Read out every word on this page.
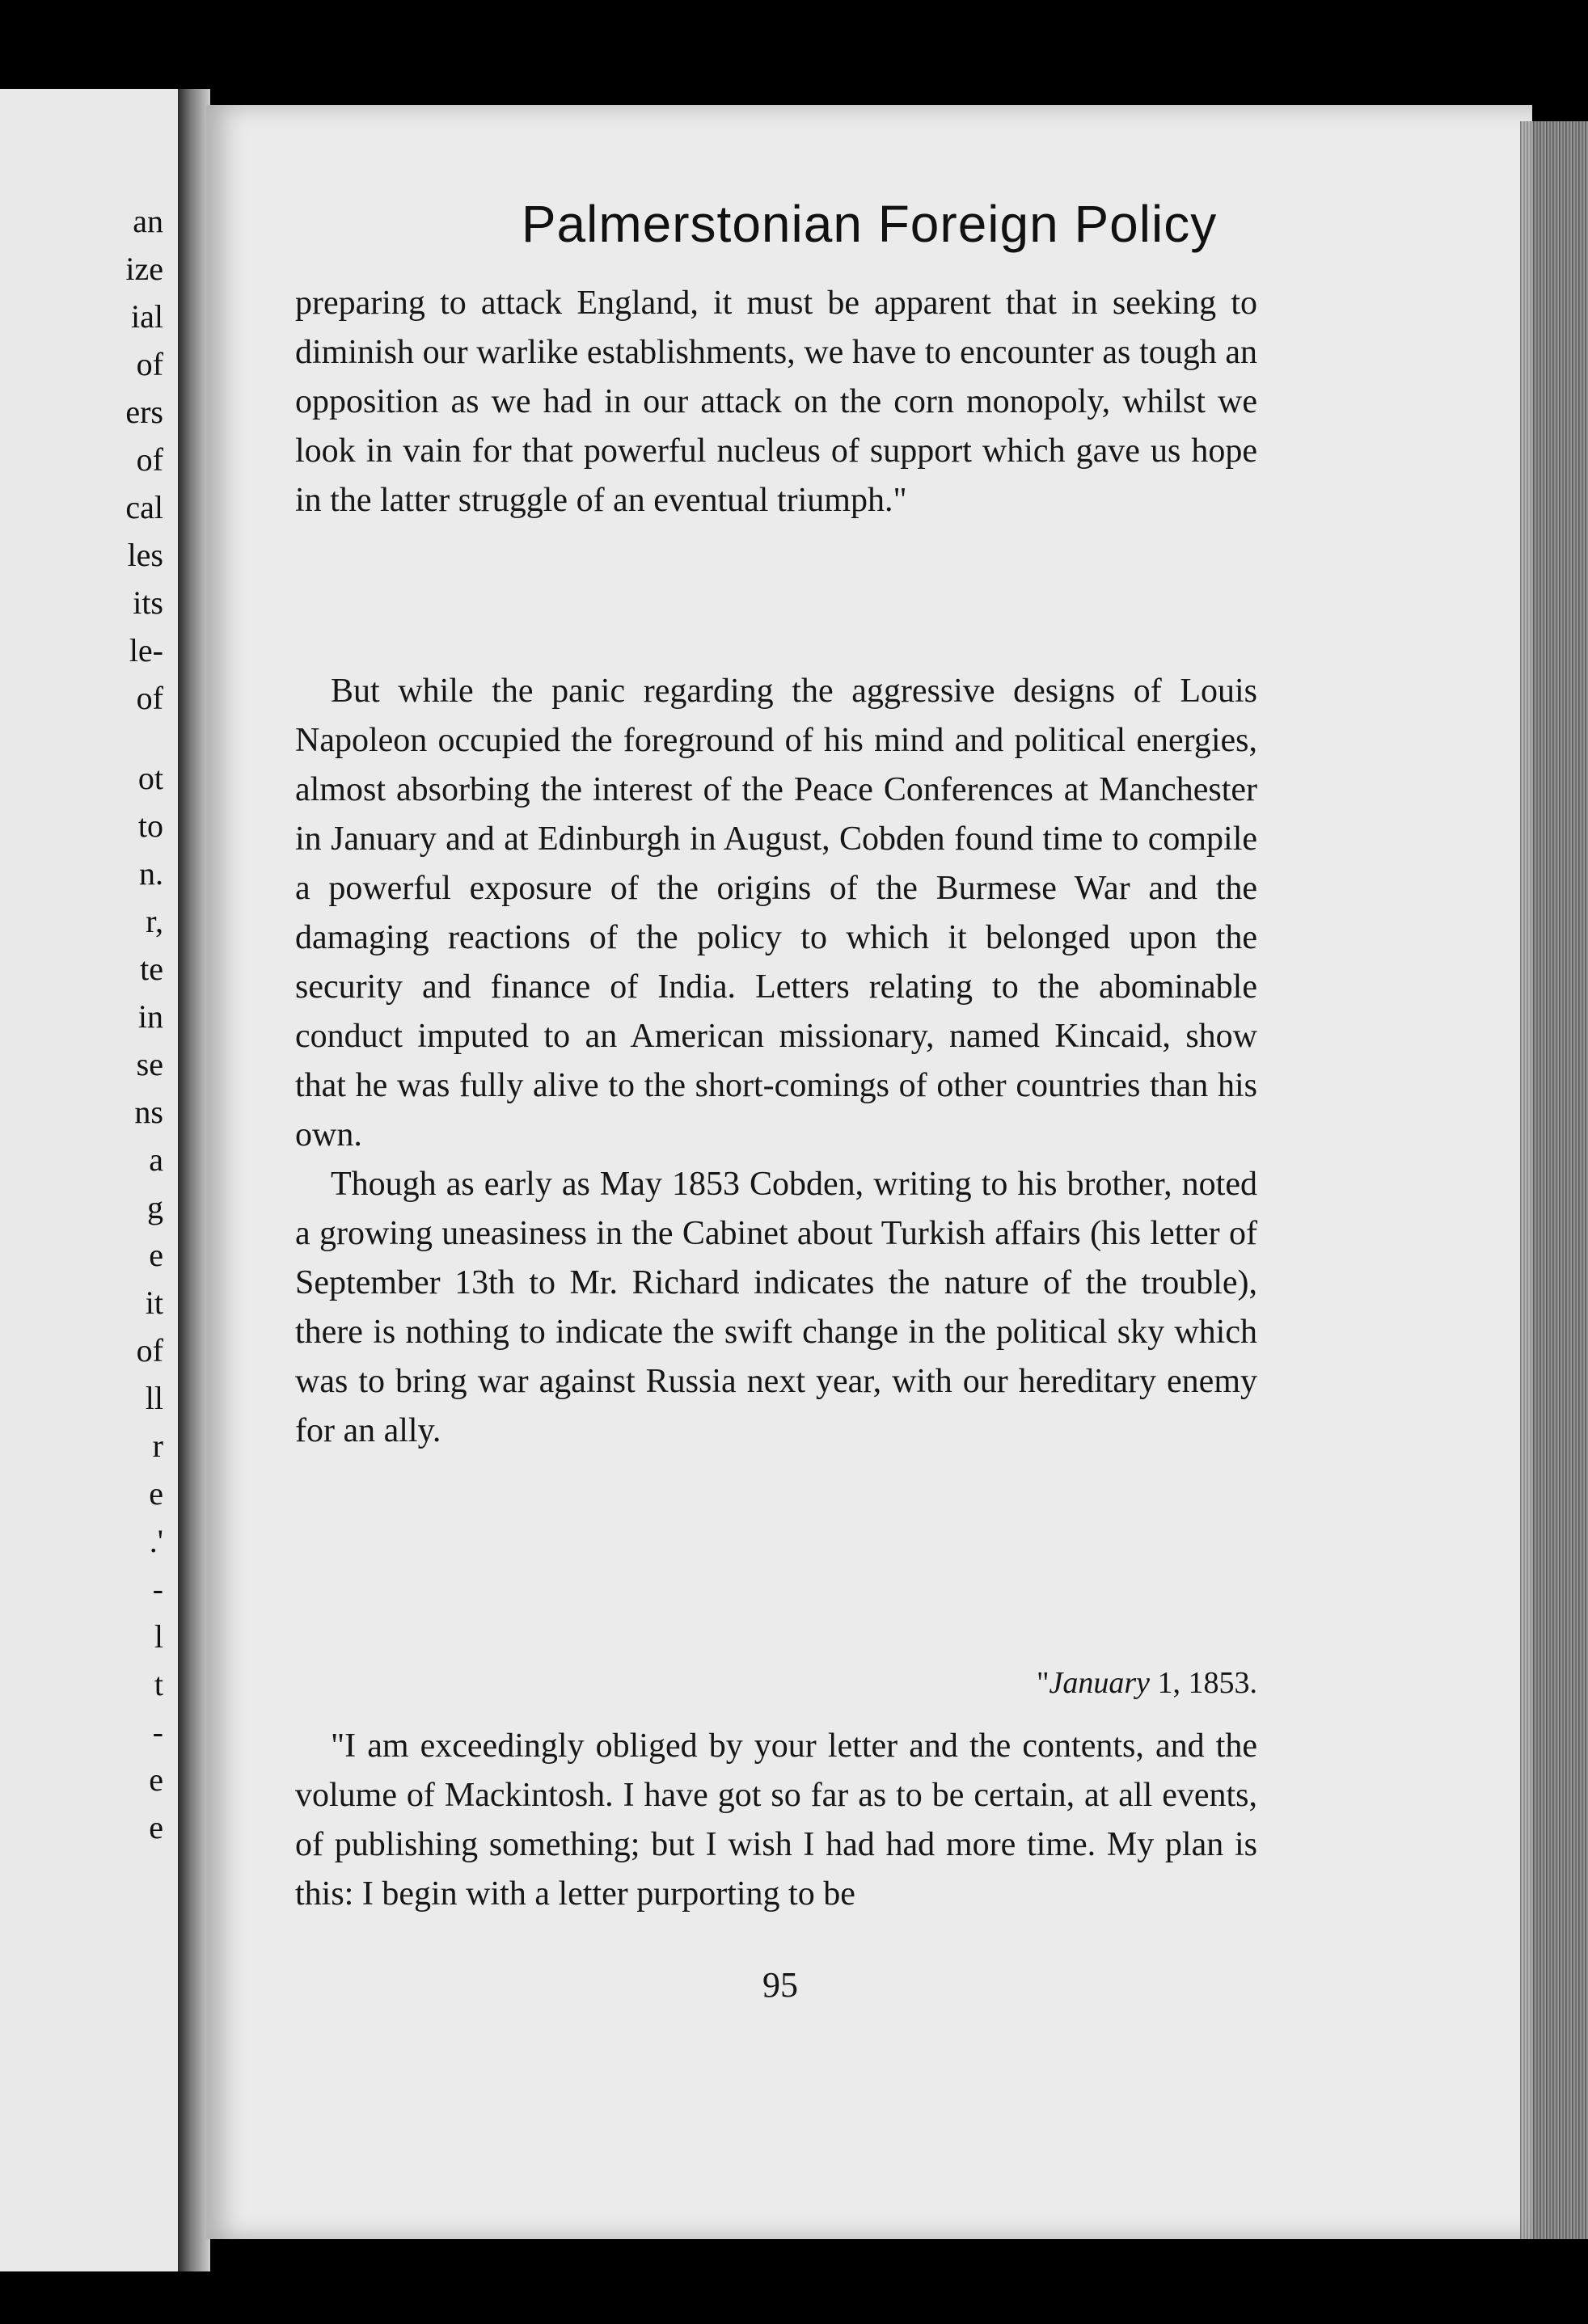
an
ize
ial
of
ers
of
cal
les
its
le-
of
ot
to
n.
r,
te
in
se
ns
a
g
e
it
of
ll
r
e
.'
-
l
t
-
e
e
Palmerstonian Foreign Policy

preparing to attack England, it must be apparent that in seeking to diminish our warlike establishments, we have to encounter as tough an opposition as we had in our attack on the corn monopoly, whilst we look in vain for that powerful nucleus of support which gave us hope in the latter struggle of an eventual triumph."

But while the panic regarding the aggressive designs of Louis Napoleon occupied the foreground of his mind and political energies, almost absorbing the interest of the Peace Conferences at Manchester in January and at Edinburgh in August, Cobden found time to compile a powerful exposure of the origins of the Burmese War and the damaging reactions of the policy to which it belonged upon the security and finance of India. Letters relating to the abominable conduct imputed to an American missionary, named Kincaid, show that he was fully alive to the short-comings of other countries than his own.

Though as early as May 1853 Cobden, writing to his brother, noted a growing uneasiness in the Cabinet about Turkish affairs (his letter of September 13th to Mr. Richard indicates the nature of the trouble), there is nothing to indicate the swift change in the political sky which was to bring war against Russia next year, with our hereditary enemy for an ally.

"January 1, 1853.

"I am exceedingly obliged by your letter and the contents, and the volume of Mackintosh. I have got so far as to be certain, at all events, of publishing something; but I wish I had had more time. My plan is this: I begin with a letter purporting to be

95
